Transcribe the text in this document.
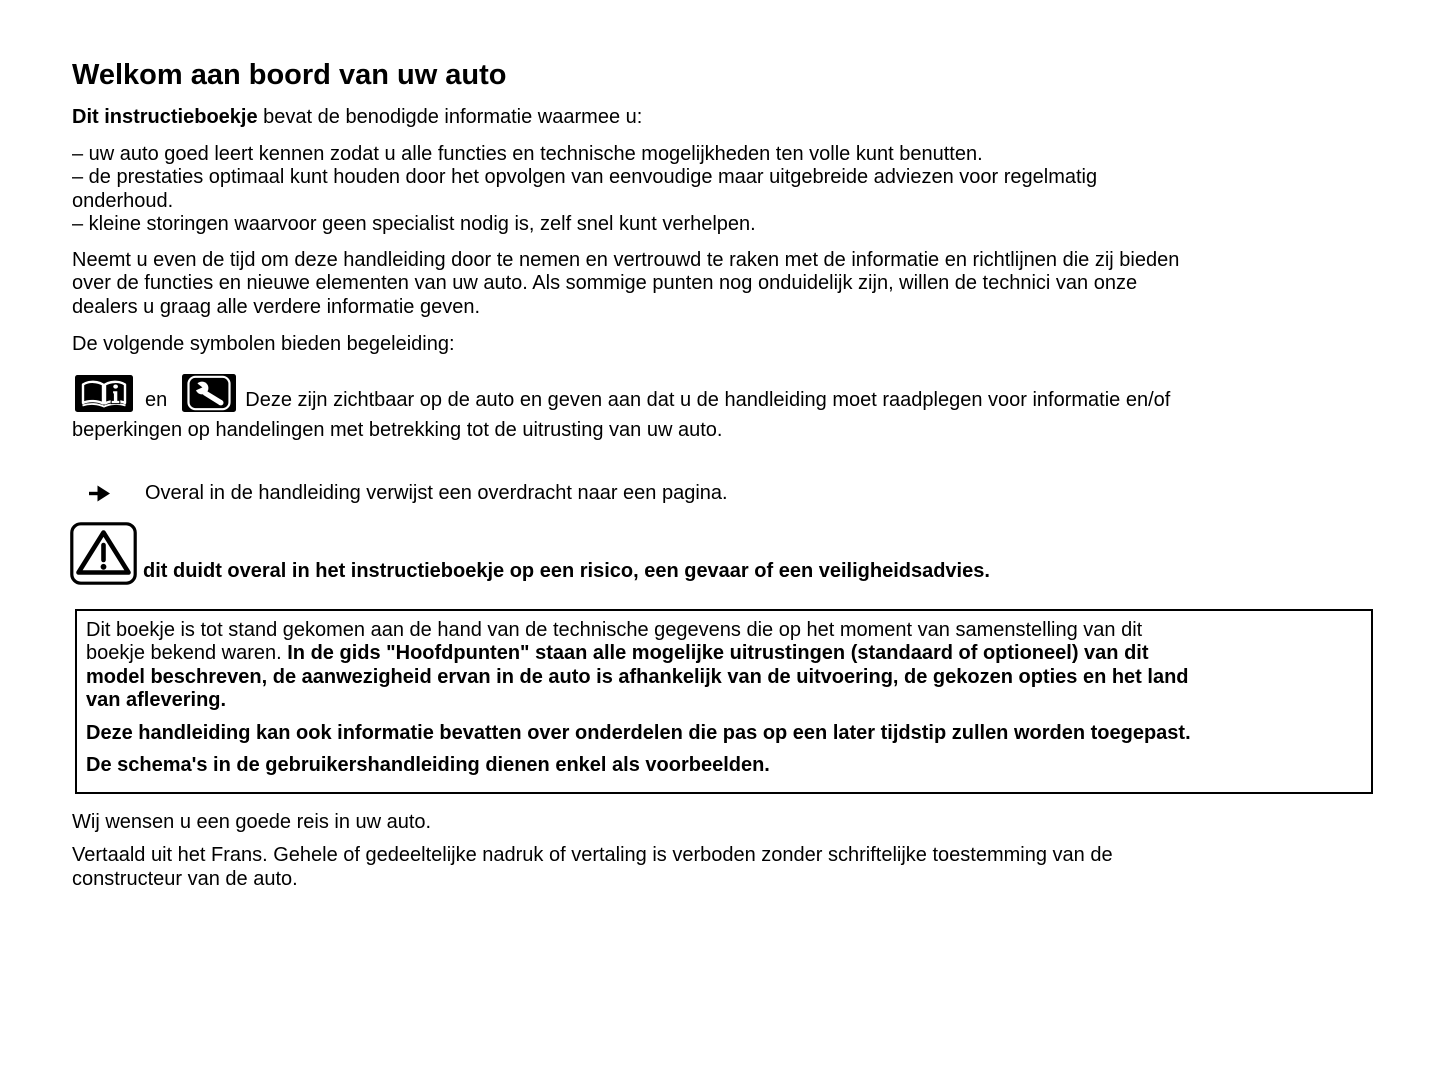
Welkom aan boord van uw auto
Dit instructieboekje bevat de benodigde informatie waarmee u:
– uw auto goed leert kennen zodat u alle functies en technische mogelijkheden ten volle kunt benutten.
– de prestaties optimaal kunt houden door het opvolgen van eenvoudige maar uitgebreide adviezen voor regelmatig
onderhoud.
– kleine storingen waarvoor geen specialist nodig is, zelf snel kunt verhelpen.
Neemt u even de tijd om deze handleiding door te nemen en vertrouwd te raken met de informatie en richtlijnen die zij bieden
over de functies en nieuwe elementen van uw auto. Als sommige punten nog onduidelijk zijn, willen de technici van onze
dealers u graag alle verdere informatie geven.
De volgende symbolen bieden begeleiding:
en	Deze zijn zichtbaar op de auto en geven aan dat u de handleiding moet raadplegen voor informatie en/of
beperkingen op handelingen met betrekking tot de uitrusting van uw auto.
Overal in de handleiding verwijst een overdracht naar een pagina.
dit duidt overal in het instructieboekje op een risico, een gevaar of een veiligheidsadvies.
Dit boekje is tot stand gekomen aan de hand van de technische gegevens die op het moment van samenstelling van dit
boekje bekend waren. In de gids "Hoofdpunten" staan alle mogelijke uitrustingen (standaard of optioneel) van dit
model beschreven, de aanwezigheid ervan in de auto is afhankelijk van de uitvoering, de gekozen opties en het land
van aflevering.
Deze handleiding kan ook informatie bevatten over onderdelen die pas op een later tijdstip zullen worden toegepast.
De schema's in de gebruikershandleiding dienen enkel als voorbeelden.
Wij wensen u een goede reis in uw auto.
Vertaald uit het Frans. Gehele of gedeeltelijke nadruk of vertaling is verboden zonder schriftelijke toestemming van de
constructeur van de auto.
